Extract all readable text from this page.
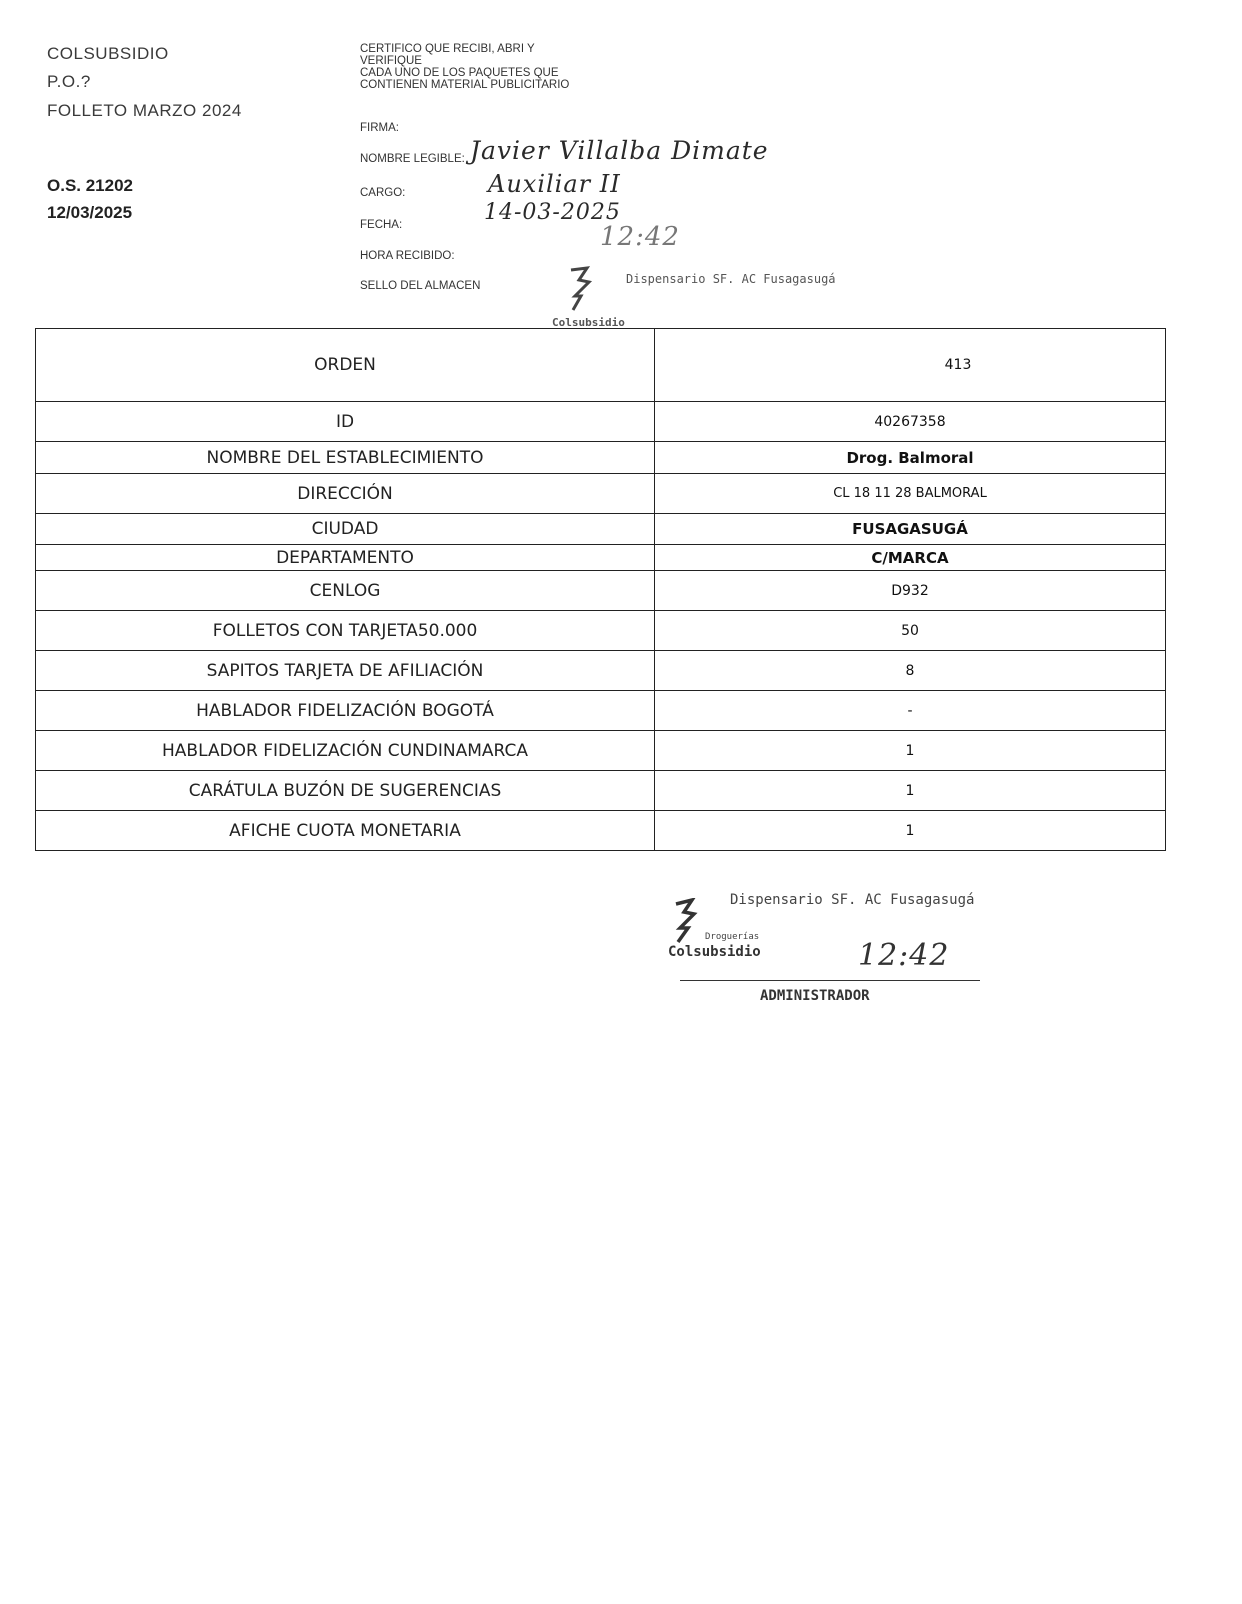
COLSUBSIDIO
P.O.?
FOLLETO MARZO 2024
O.S. 21202
12/03/2025
CERTIFICO QUE RECIBI, ABRI Y
VERIFIQUE
CADA UNO DE LOS PAQUETES QUE
CONTIENEN MATERIAL PUBLICITARIO
FIRMA:
NOMBRE LEGIBLE: Javier Villalba Dimate
CARGO:	Auxiliar II
FECHA:	14-03-2025
HORA RECIBIDO:
12:42
SELLO DEL ALMACEN	Dispensario SF. AC Fusagasugá
Colsubsidio
ORDEN	413
ID	40267358
NOMBRE DEL ESTABLECIMIENTO	Drog. Balmoral
DIRECCIÓN	CL 18 11 28 BALMORAL
CIUDAD	FUSAGASUGÁ
DEPARTAMENTO	C/MARCA
CENLOG	D932
FOLLETOS CON TARJETA50.000	50
SAPITOS TARJETA DE AFILIACIÓN	8
HABLADOR FIDELIZACIÓN BOGOTÁ	-
HABLADOR FIDELIZACIÓN CUNDINAMARCA	1
CARÁTULA BUZÓN DE SUGERENCIAS	1
AFICHE CUOTA MONETARIA	1
Dispensario SF. AC Fusagasugá
Droguerías
Colsubsidio	12:42
ADMINISTRADOR
